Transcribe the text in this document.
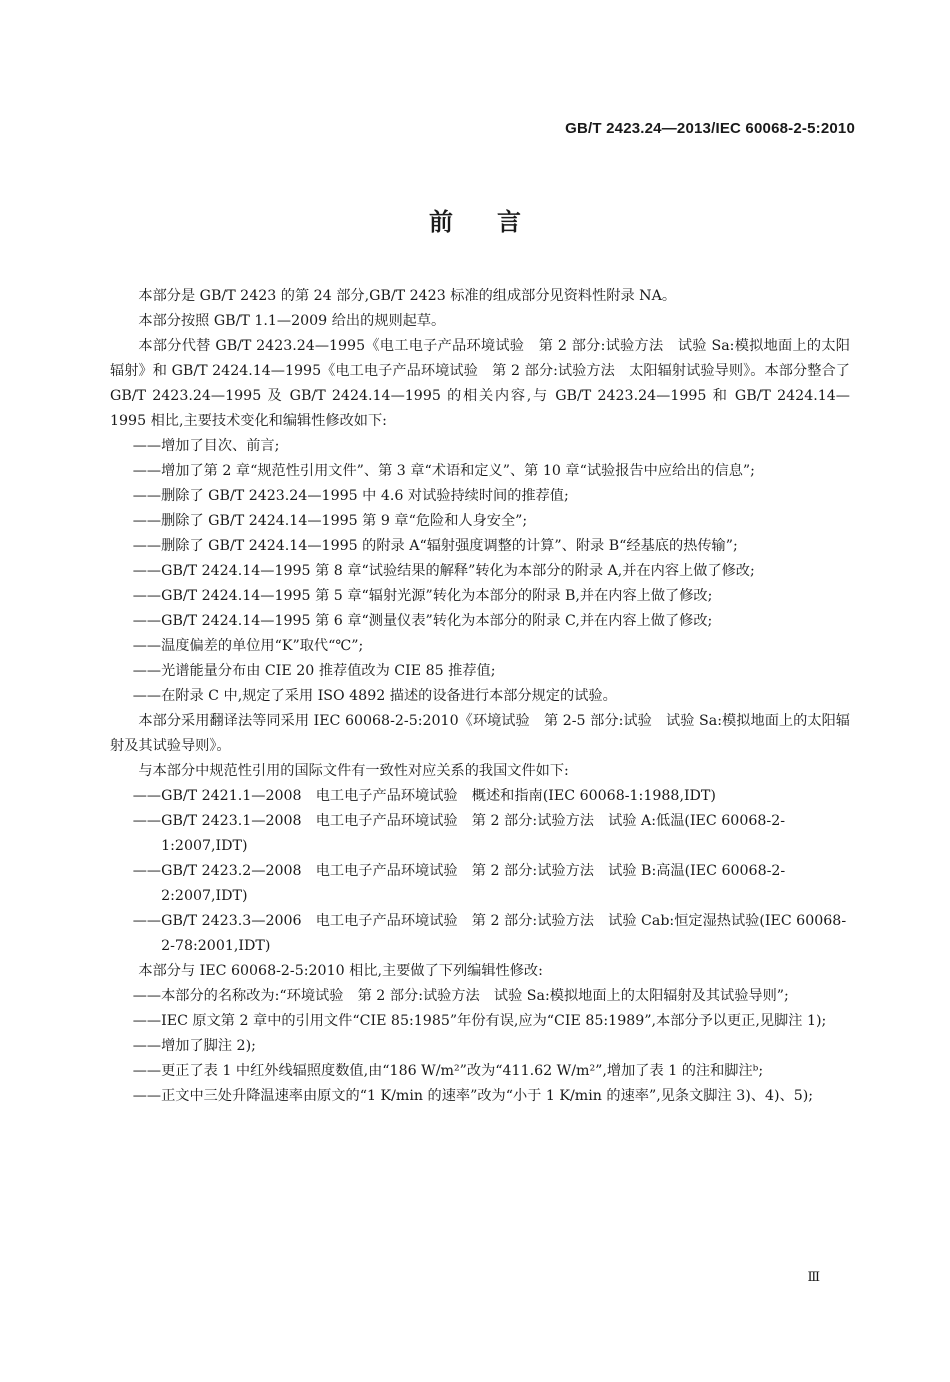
GB/T 2423.24—2013/IEC 60068-2-5:2010
前言
本部分是 GB/T 2423 的第 24 部分,GB/T 2423 标准的组成部分见资料性附录 NA。
本部分按照 GB/T 1.1—2009 给出的规则起草。
本部分代替 GB/T 2423.24—1995《电工电子产品环境试验　第 2 部分:试验方法　试验 Sa:模拟地面上的太阳辐射》和 GB/T 2424.14—1995《电工电子产品环境试验　第 2 部分:试验方法　太阳辐射试验导则》。本部分整合了 GB/T 2423.24—1995 及 GB/T 2424.14—1995 的相关内容,与 GB/T 2423.24—1995 和 GB/T 2424.14—1995 相比,主要技术变化和编辑性修改如下:
——增加了目次、前言;
——增加了第 2 章“规范性引用文件”、第 3 章“术语和定义”、第 10 章“试验报告中应给出的信息”;
——删除了 GB/T 2423.24—1995 中 4.6 对试验持续时间的推荐值;
——删除了 GB/T 2424.14—1995 第 9 章“危险和人身安全”;
——删除了 GB/T 2424.14—1995 的附录 A“辐射强度调整的计算”、附录 B“经基底的热传输”;
——GB/T 2424.14—1995 第 8 章“试验结果的解释”转化为本部分的附录 A,并在内容上做了修改;
——GB/T 2424.14—1995 第 5 章“辐射光源”转化为本部分的附录 B,并在内容上做了修改;
——GB/T 2424.14—1995 第 6 章“测量仪表”转化为本部分的附录 C,并在内容上做了修改;
——温度偏差的单位用“K”取代“℃”;
——光谱能量分布由 CIE 20 推荐值改为 CIE 85 推荐值;
——在附录 C 中,规定了采用 ISO 4892 描述的设备进行本部分规定的试验。
本部分采用翻译法等同采用 IEC 60068-2-5:2010《环境试验　第 2-5 部分:试验　试验 Sa:模拟地面上的太阳辐射及其试验导则》。
与本部分中规范性引用的国际文件有一致性对应关系的我国文件如下:
——GB/T 2421.1—2008　电工电子产品环境试验　概述和指南(IEC 60068-1:1988,IDT)
——GB/T 2423.1—2008　电工电子产品环境试验　第 2 部分:试验方法　试验 A:低温(IEC 60068-2-1:2007,IDT)
——GB/T 2423.2—2008　电工电子产品环境试验　第 2 部分:试验方法　试验 B:高温(IEC 60068-2-2:2007,IDT)
——GB/T 2423.3—2006　电工电子产品环境试验　第 2 部分:试验方法　试验 Cab:恒定湿热试验(IEC 60068-2-78:2001,IDT)
本部分与 IEC 60068-2-5:2010 相比,主要做了下列编辑性修改:
——本部分的名称改为:“环境试验　第 2 部分:试验方法　试验 Sa:模拟地面上的太阳辐射及其试验导则”;
——IEC 原文第 2 章中的引用文件“CIE 85:1985”年份有误,应为“CIE 85:1989”,本部分予以更正,见脚注 1);
——增加了脚注 2);
——更正了表 1 中红外线辐照度数值,由“186 W/m²”改为“411.62 W/m²”,增加了表 1 的注和脚注ᵇ;
——正文中三处升降温速率由原文的“1 K/min 的速率”改为“小于 1 K/min 的速率”,见条文脚注 3)、4)、5);
Ⅲ
